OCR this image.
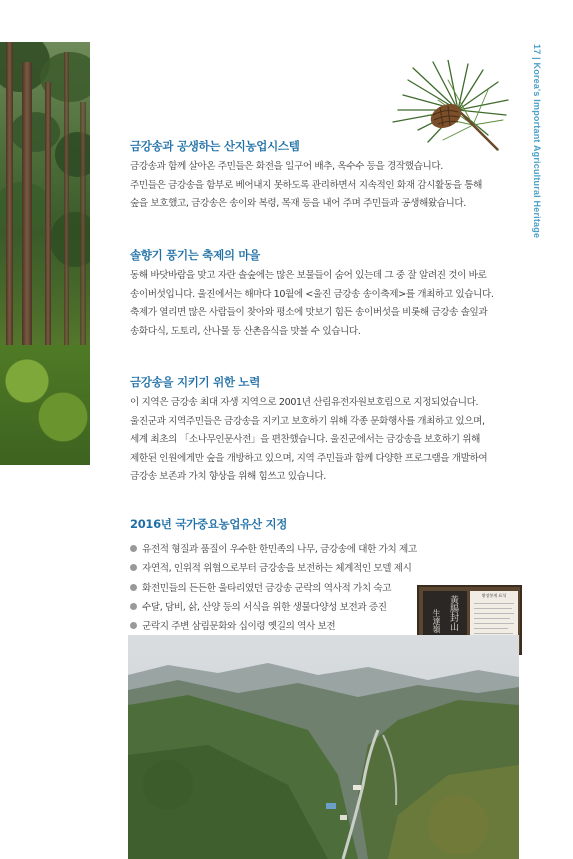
17 | Korea's Important Agricultural Heritage
금강송과 공생하는 산지농업시스템
금강송과 함께 살아온 주민들은 화전을 일구어 배추, 옥수수 등을 경작했습니다.
주민들은 금강송을 함부로 베어내지 못하도록 관리하면서 지속적인 화재 감시활동을 통해
숲을 보호했고, 금강송은 송이와 복령, 목재 등을 내어 주며 주민들과 공생해왔습니다.
솔향기 풍기는 축제의 마을
동해 바닷바람을 맞고 자란 솔숲에는 많은 보물들이 숨어 있는데 그 중 잘 알려진 것이 바로
송이버섯입니다. 울진에서는 해마다 10월에 <울진 금강송 송이축제>를 개최하고 있습니다.
축제가 열리면 많은 사람들이 찾아와 평소에 맛보기 힘든 송이버섯을 비롯해 금강송 솔잎과
송화다식, 도토리, 산나물 등 산촌음식을 맛볼 수 있습니다.
금강송을 지키기 위한 노력
이 지역은 금강송 최대 자생 지역으로 2001년 산림유전자원보호림으로 지정되었습니다.
울진군과 지역주민들은 금강송을 지키고 보호하기 위해 각종 문화행사를 개최하고 있으며,
세계 최초의 「소나무인문사전」을 편찬했습니다. 울진군에서는 금강송을 보호하기 위해
제한된 인원에게만 숲을 개방하고 있으며, 지역 주민들과 함께 다양한 프로그램을 개발하여
금강송 보존과 가치 향상을 위해 힘쓰고 있습니다.
2016년 국가중요농업유산 지정
유전적 형질과 품질이 우수한 한민족의 나무, 금강송에 대한 가치 제고
자연적, 인위적 위협으로부터 금강송을 보전하는 체계적인 모델 제시
화전민들의 든든한 울타리였던 금강송 군락의 역사적 가치 숙고
수달, 담비, 삵, 산양 등의 서식을 위한 생물다양성 보전과 증진
군락지 주변 삼림문화와 십이령 옛길의 역사 보전	黃腸封山
生達嶺
황장봉계 표석
